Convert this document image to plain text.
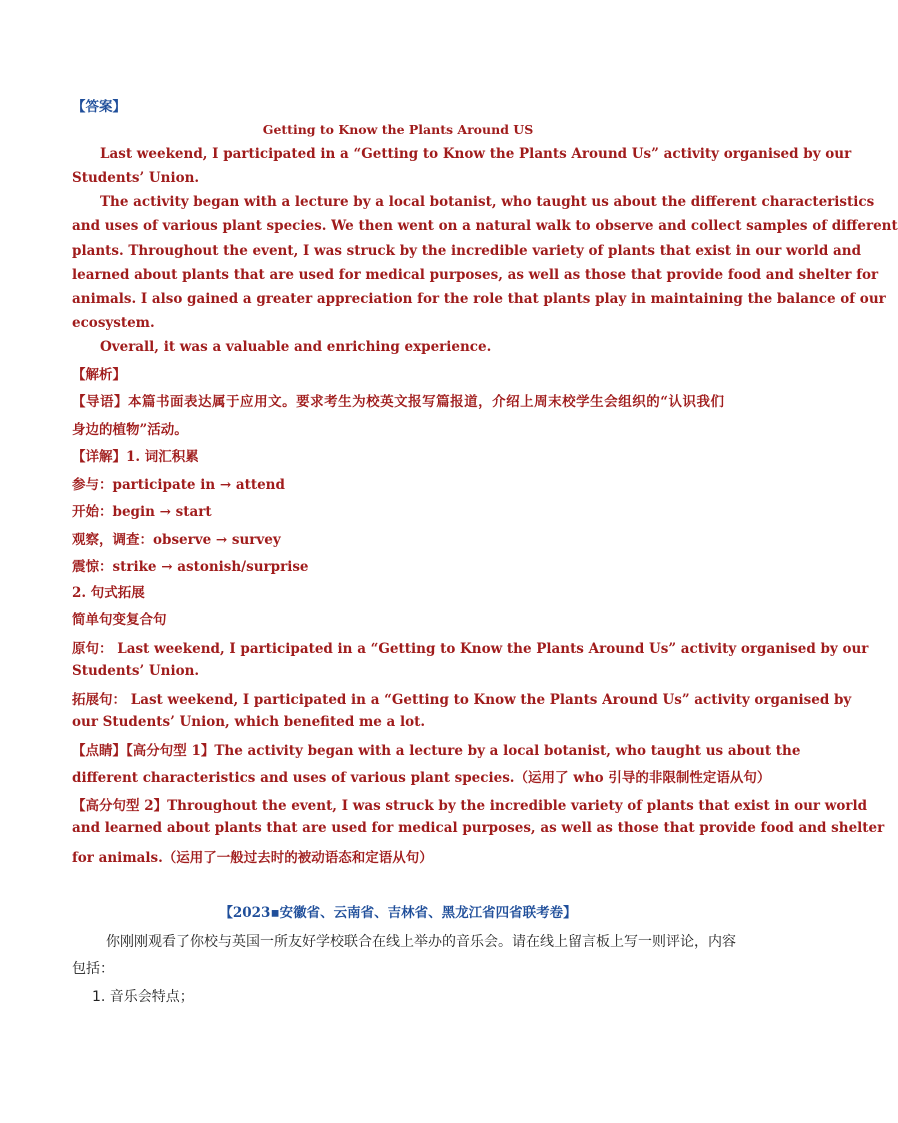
【答案】
Getting to Know the Plants Around US
Last weekend, I participated in a “Getting to Know the Plants Around Us” activity organised by our
Students’ Union.
The activity began with a lecture by a local botanist, who taught us about the different characteristics
and uses of various plant species. We then went on a natural walk to observe and collect samples of different
plants. Throughout the event, I was struck by the incredible variety of plants that exist in our world and
learned about plants that are used for medical purposes, as well as those that provide food and shelter for
animals. I also gained a greater appreciation for the role that plants play in maintaining the balance of our
ecosystem.
Overall, it was a valuable and enriching experience.
【解析】
【导语】本篇书面表达属于应用文。要求考生为校英文报写篇报道，介绍上周末校学生会组织的“认识我们
身边的植物”活动。
【详解】1. 词汇积累
参与：participate in → attend
开始：begin → start
观察，调查：observe → survey
震惊：strike → astonish/surprise
2. 句式拓展
简单句变复合句
原句： Last weekend, I participated in a “Getting to Know the Plants Around Us” activity organised by our
Students’ Union.
拓展句： Last weekend, I participated in a “Getting to Know the Plants Around Us” activity organised by
our Students’ Union, which benefited me a lot.
【点睛】【高分句型 1】The activity began with a lecture by a local botanist, who taught us about the
different characteristics and uses of various plant species.（运用了 who 引导的非限制性定语从句）
【高分句型 2】Throughout the event, I was struck by the incredible variety of plants that exist in our world
and learned about plants that are used for medical purposes, as well as those that provide food and shelter
for animals.（运用了一般过去时的被动语态和定语从句）
【2023▪安徽省、云南省、吉林省、黑龙江省四省联考卷】
你刚刚观看了你校与英国一所友好学校联合在线上举办的音乐会。请在线上留言板上写一则评论，内容
包括：
1. 音乐会特点；
